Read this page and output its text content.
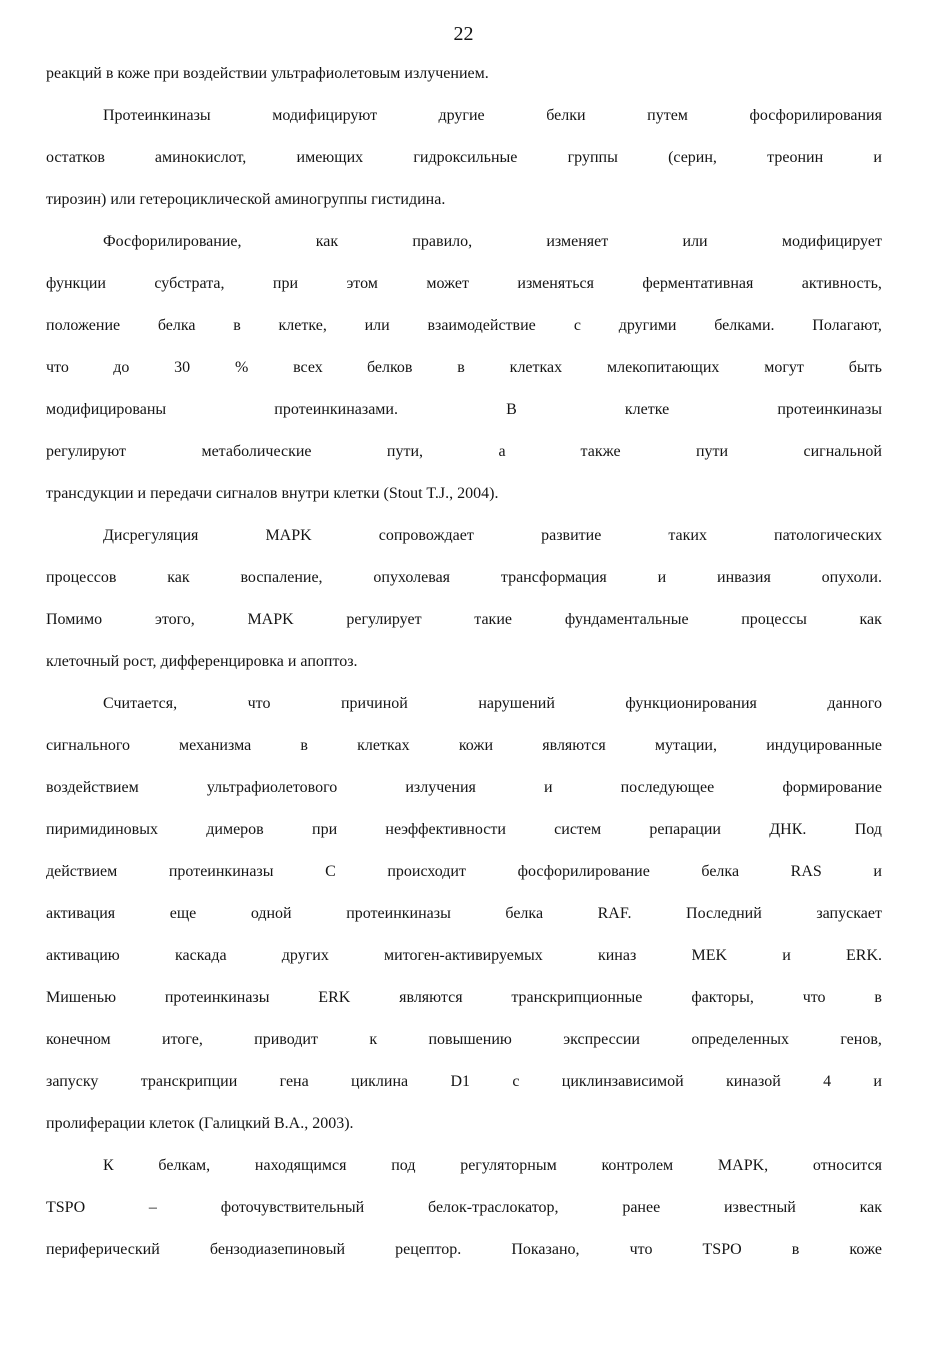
22
реакций в коже при воздействии ультрафиолетовым излучением.
Протеинкиназы	модифицируют	другие	белки	путем	фосфорилирования
остатков	аминокислот,	имеющих	гидроксильные	группы	(серин,	треонин	и
тирозин) или гетероциклической аминогруппы гистидина.
Фосфорилирование,	как	правило,	изменяет	или	модифицирует
функции	субстрата,	при	этом	может	изменяться	ферментативная	активность,
положение белка в клетке, или взаимодействие с другими белками. Полагают,
что	до	30	%	всех	белков	в	клетках	млекопитающих	могут	быть
модифицированы	протеинкиназами.	В	клетке	протеинкиназы
регулируют	метаболические	пути,	а	также	пути	сигнальной
трансдукции и передачи сигналов внутри клетки (Stout T.J., 2004).
Дисрегуляция	MAPK	сопровождает	развитие	таких	патологических
процессов	как	воспаление,	опухолевая	трансформация	и	инвазия	опухоли.
Помимо	этого,	MAPK	регулирует	такие	фундаментальные	процессы	как
клеточный рост, дифференцировка и апоптоз.
Считается,	что	причиной	нарушений	функционирования	данного
сигнального	механизма	в	клетках	кожи	являются	мутации,	индуцированные
воздействием	ультрафиолетового	излучения	и	последующее	формирование
пиримидиновых	димеров	при	неэффективности	систем	репарации	ДНК.	Под
действием	протеинкиназы	С	происходит	фосфорилирование	белка	RAS	и
активация	еще	одной	протеинкиназы	белка	RAF.	Последний	запускает
активацию	каскада	других	митоген-активируемых	киназ	MEK	и	ERK.
Мишенью	протеинкиназы	ERK	являются	транскрипционные	факторы,	что	в
конечном	итоге,	приводит	к	повышению	экспрессии	определенных	генов,
запуску	транскрипции	гена	циклина	D1	с	циклинзависимой	киназой	4	и
пролиферации клеток (Галицкий В.А., 2003).
К	белкам,	находящимся	под	регуляторным	контролем	MAPK,	относится
TSPO	–	фоточувствительный	белок-траслокатор,	ранее	известный	как
периферический	бензодиазепиновый	рецептор.	Показано,	что	TSPO	в	коже
